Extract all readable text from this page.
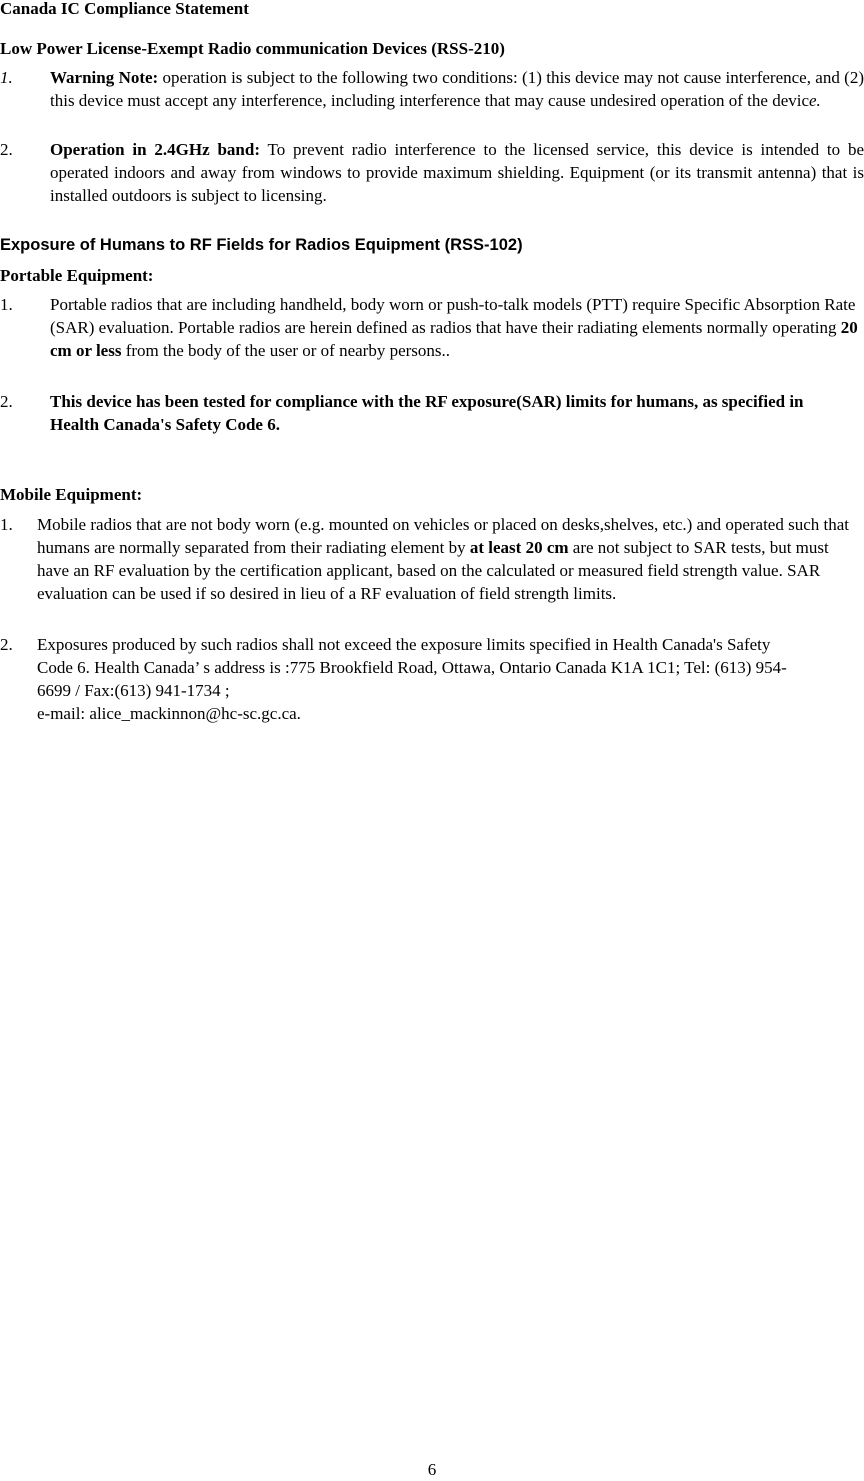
Canada IC Compliance Statement
Low Power License-Exempt Radio communication Devices (RSS-210)
1. Warning Note: operation is subject to the following two conditions: (1) this device may not cause interference, and (2) this device must accept any interference, including interference that may cause undesired operation of the device.
2. Operation in 2.4GHz band: To prevent radio interference to the licensed service, this device is intended to be operated indoors and away from windows to provide maximum shielding. Equipment (or its transmit antenna) that is installed outdoors is subject to licensing.
Exposure of Humans to RF Fields for Radios Equipment (RSS-102)
Portable Equipment:
1. Portable radios that are including handheld, body worn or push-to-talk models (PTT) require Specific Absorption Rate (SAR) evaluation. Portable radios are herein defined as radios that have their radiating elements normally operating 20 cm or less from the body of the user or of nearby persons..
2. This device has been tested for compliance with the RF exposure(SAR) limits for humans, as specified in Health Canada's Safety Code 6.
Mobile Equipment:
1. Mobile radios that are not body worn (e.g. mounted on vehicles or placed on desks,shelves, etc.) and operated such that humans are normally separated from their radiating element by at least 20 cm are not subject to SAR tests, but must have an RF evaluation by the certification applicant, based on the calculated or measured field strength value. SAR evaluation can be used if so desired in lieu of a RF evaluation of field strength limits.
2. Exposures produced by such radios shall not exceed the exposure limits specified in Health Canada's Safety Code 6. Health Canada’ s address is :775 Brookfield Road, Ottawa, Ontario Canada K1A 1C1; Tel: (613) 954-6699 / Fax:(613) 941-1734 ;
e-mail: alice_mackinnon@hc-sc.gc.ca.
6
